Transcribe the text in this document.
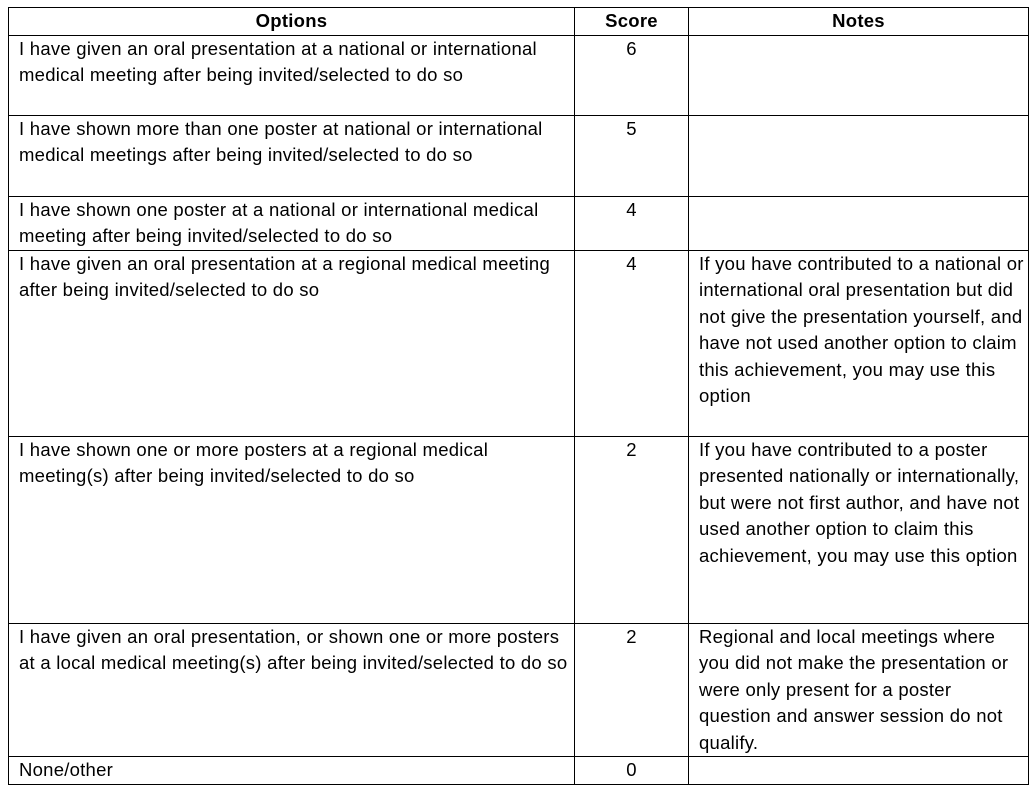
Options	Score	Notes
I have given an oral presentation at a national or international medical meeting after being invited/selected to do so	6	
I have shown more than one poster at national or international medical meetings after being invited/selected to do so	5	
I have shown one poster at a national or international medical meeting after being invited/selected to do so	4	
I have given an oral presentation at a regional medical meeting after being invited/selected to do so	4	If you have contributed to a national or international oral presentation but did not give the presentation yourself, and have not used another option to claim this achievement, you may use this option
I have shown one or more posters at a regional medical meeting(s) after being invited/selected to do so	2	If you have contributed to a poster presented nationally or internationally, but were not first author, and have not used another option to claim this achievement, you may use this option
I have given an oral presentation, or shown one or more posters at a local medical meeting(s) after being invited/selected to do so	2	Regional and local meetings where you did not make the presentation or were only present for a poster question and answer session do not qualify.
None/other	0	
